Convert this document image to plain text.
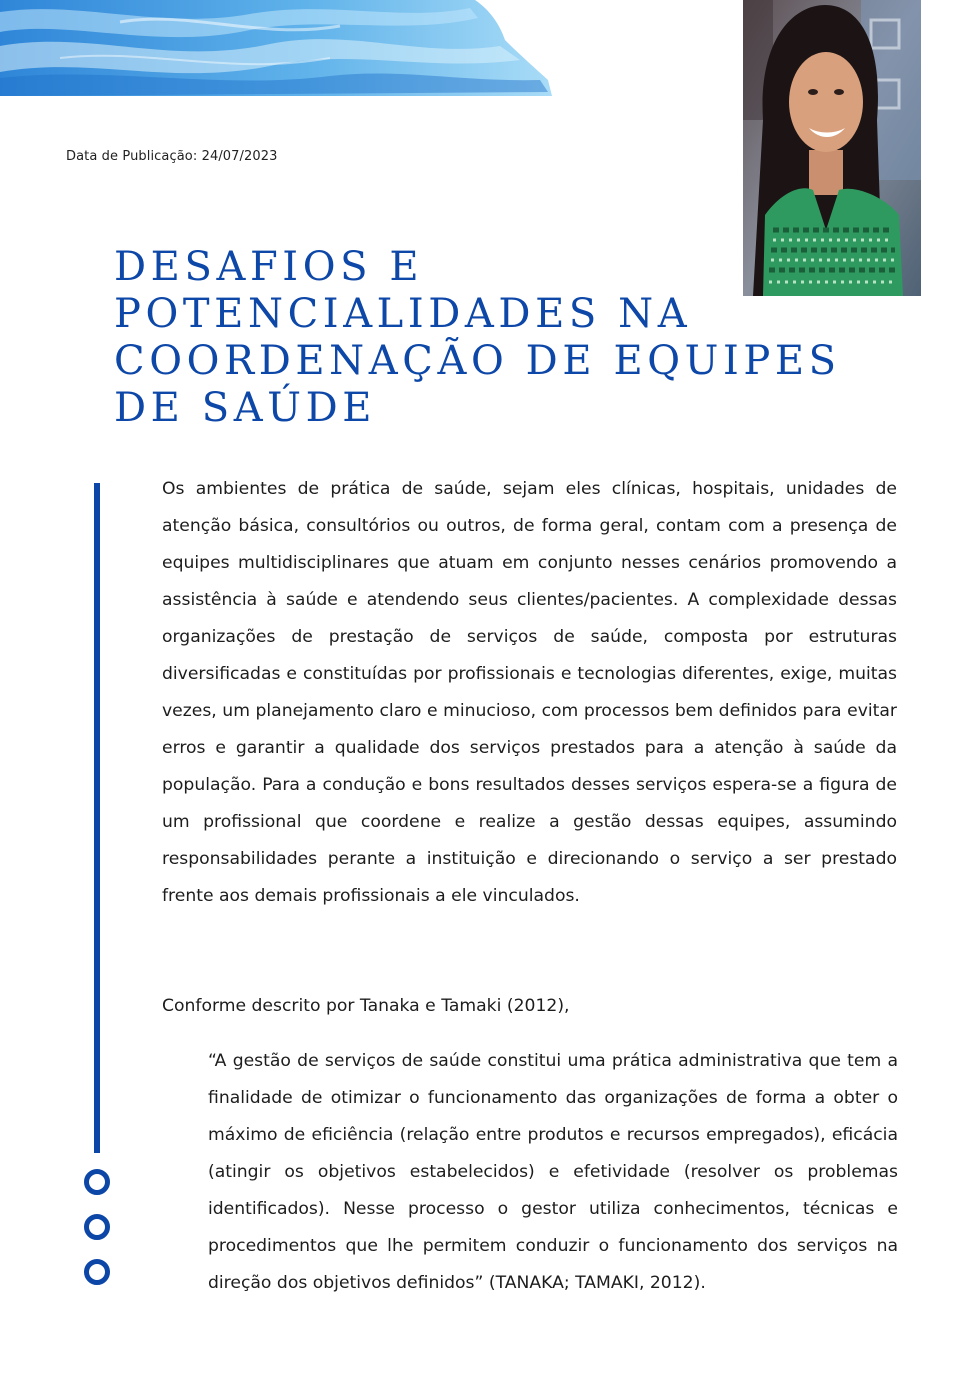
Data de Publicação: 24/07/2023
DESAFIOS E
POTENCIALIDADES NA
COORDENAÇÃO DE EQUIPES
DE SAÚDE

Os ambientes de prática de saúde, sejam eles clínicas, hospitais, unidades de atenção básica, consultórios ou outros, de forma geral, contam com a presença de equipes multidisciplinares que atuam em conjunto nesses cenários promovendo a assistência à saúde e atendendo seus clientes/pacientes. A complexidade dessas organizações de prestação de serviços de saúde, composta por estruturas diversificadas e constituídas por profissionais e tecnologias diferentes, exige, muitas vezes, um planejamento claro e minucioso, com processos bem definidos para evitar erros e garantir a qualidade dos serviços prestados para a atenção à saúde da população. Para a condução e bons resultados desses serviços espera-se a figura de um profissional que coordene e realize a gestão dessas equipes, assumindo responsabilidades perante a instituição e direcionando o serviço a ser prestado frente aos demais profissionais a ele vinculados.

Conforme descrito por Tanaka e Tamaki (2012),

“A gestão de serviços de saúde constitui uma prática administrativa que tem a finalidade de otimizar o funcionamento das organizações de forma a obter o máximo de eficiência (relação entre produtos e recursos empregados), eficácia (atingir os objetivos estabelecidos) e efetividade (resolver os problemas identificados). Nesse processo o gestor utiliza conhecimentos, técnicas e procedimentos que lhe permitem conduzir o funcionamento dos serviços na direção dos objetivos definidos” (TANAKA; TAMAKI, 2012).
